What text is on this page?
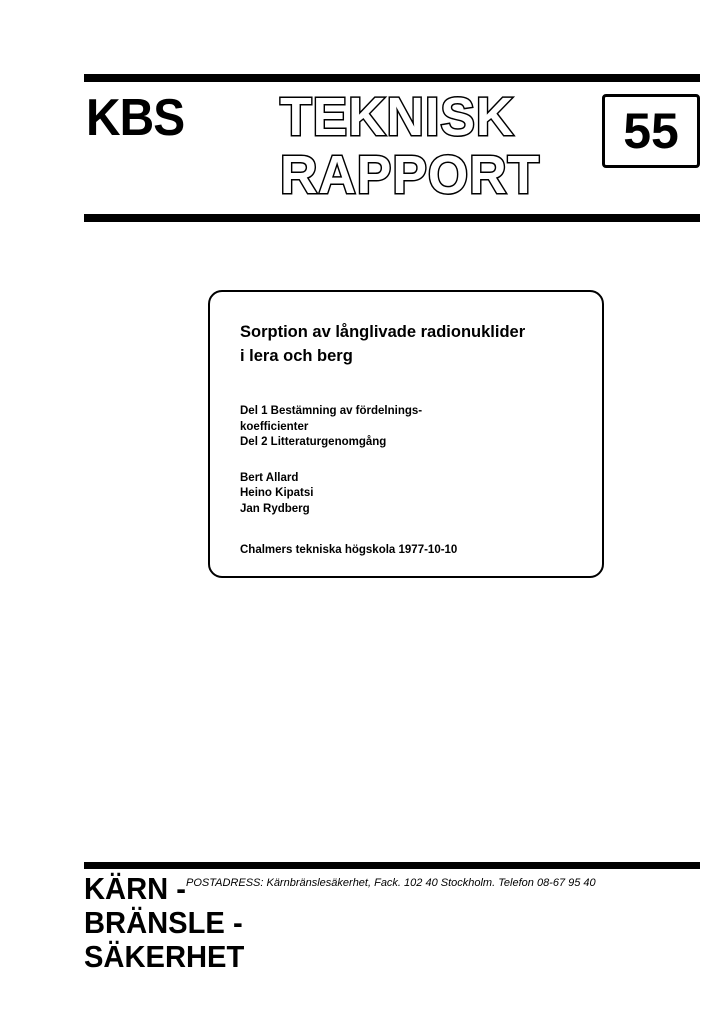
KBS TEKNISK
RAPPORT
55
Sorption av långlivade radionuklider
i lera och berg
Del 1 Bestämning av fördelnings-
koefficienter
Del 2 Litteraturgenomgång
Bert Allard
Heino Kipatsi
Jan Rydberg
Chalmers tekniska högskola 1977-10-10
KÄRN -
BRÄNSLE -
SÄKERHET
POSTADRESS: Kärnbränslesäkerhet, Fack. 102 40 Stockholm. Telefon 08-67 95 40
